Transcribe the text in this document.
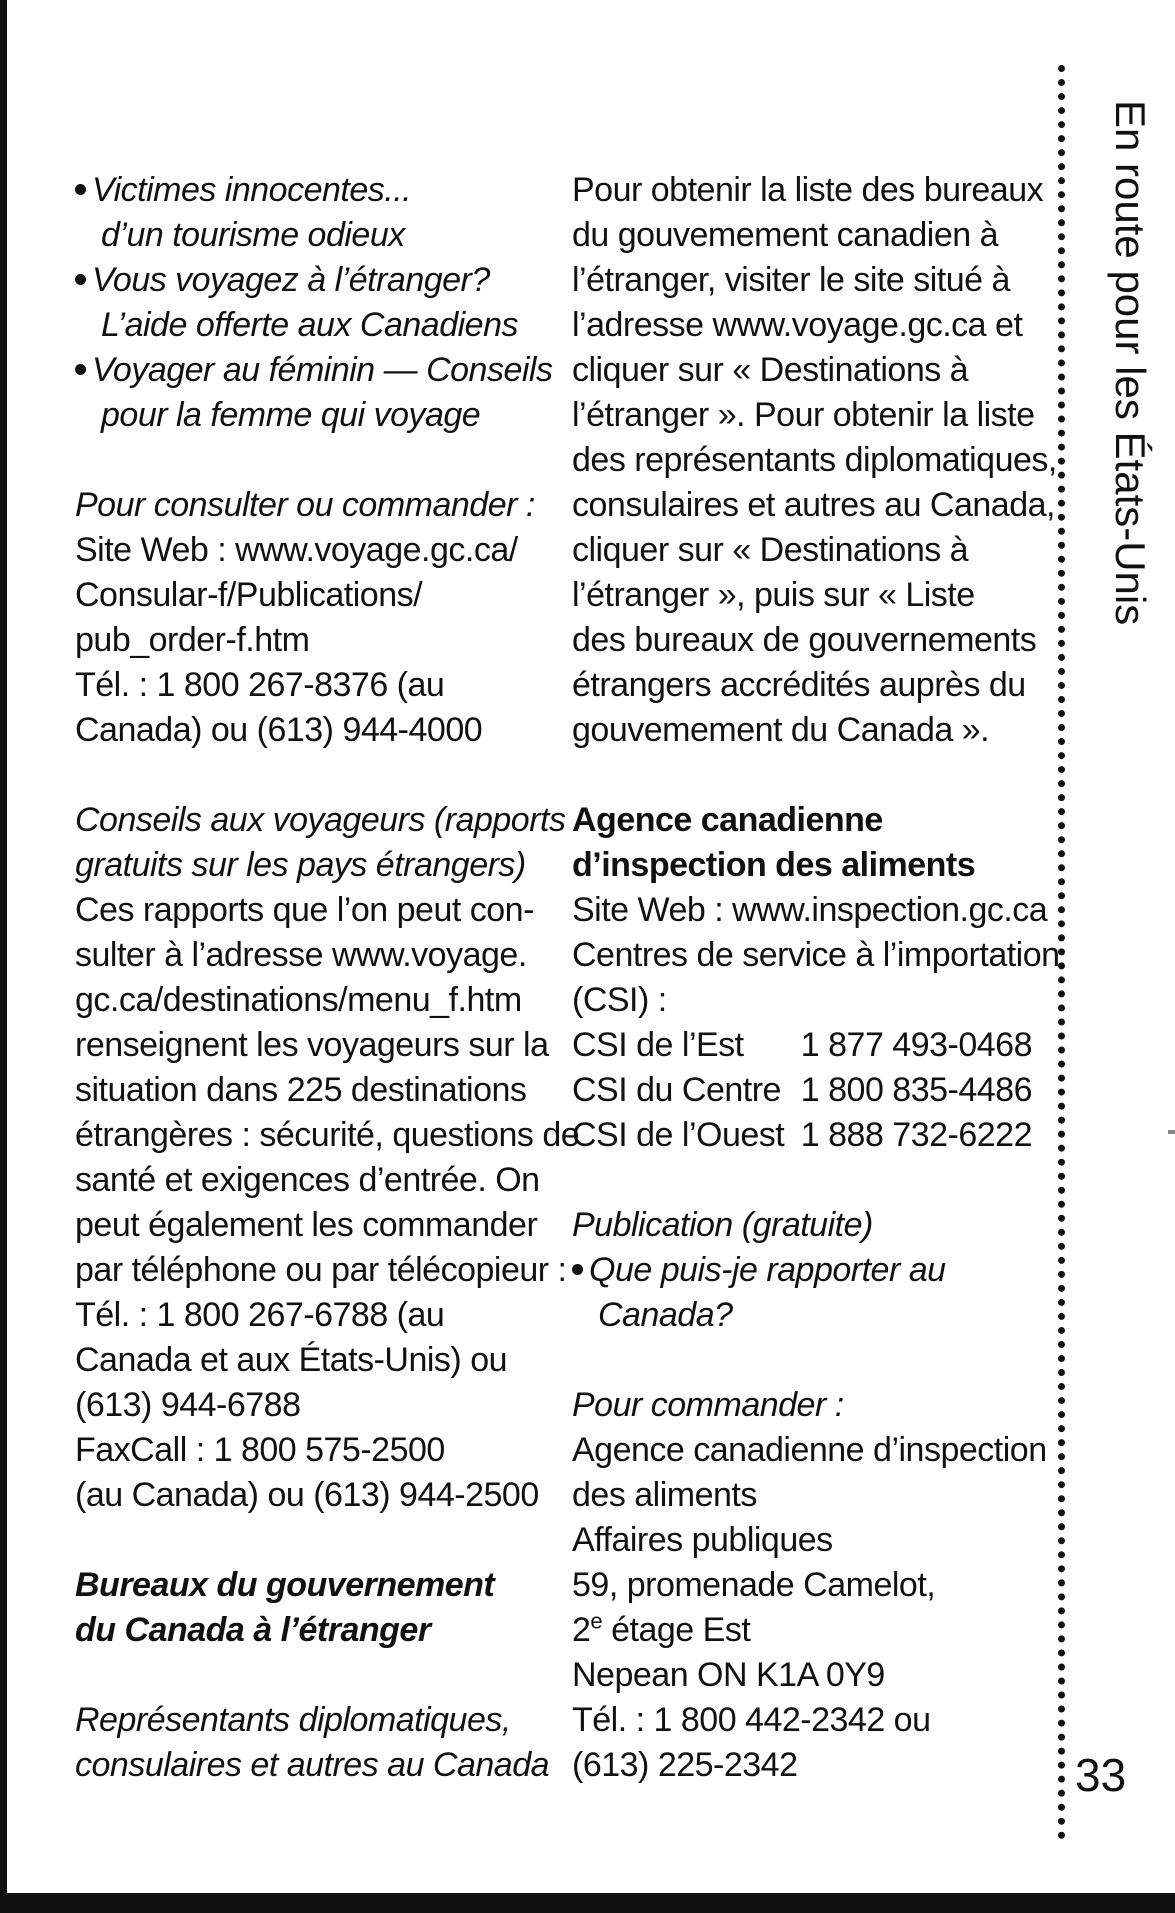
Victimes innocentes...
d’un tourisme odieux
Vous voyagez à l’étranger?
L’aide offerte aux Canadiens
Voyager au féminin — Conseils
pour la femme qui voyage
Pour consulter ou commander :
Site Web : www.voyage.gc.ca/
Consular-f/Publications/
pub_order-f.htm
Tél. : 1 800 267-8376 (au
Canada) ou (613) 944-4000
Conseils aux voyageurs (rapports
gratuits sur les pays étrangers)
Ces rapports que l’on peut con-
sulter à l’adresse www.voyage.
gc.ca/destinations/menu_f.htm
renseignent les voyageurs sur la
situation dans 225 destinations
étrangères : sécurité, questions de
santé et exigences d’entrée. On
peut également les commander
par téléphone ou par télécopieur :
Tél. : 1 800 267-6788 (au
Canada et aux États-Unis) ou
(613) 944-6788
FaxCall : 1 800 575-2500
(au Canada) ou (613) 944-2500
Bureaux du gouvernement
du Canada à l’étranger
Représentants diplomatiques,
consulaires et autres au Canada
Pour obtenir la liste des bureaux
du gouvemement canadien à
l’étranger, visiter le site situé à
l’adresse www.voyage.gc.ca et
cliquer sur « Destinations à
l’étranger ». Pour obtenir la liste
des représentants diplomatiques,
consulaires et autres au Canada,
cliquer sur « Destinations à
l’étranger », puis sur « Liste
des bureaux de gouvernements
étrangers accrédités auprès du
gouvemement du Canada ».
Agence canadienne
d’inspection des aliments
Site Web : www.inspection.gc.ca
Centres de service à l’importation
(CSI) :
CSI de l’Est	1 877 493-0468
CSI du Centre 1 800 835-4486
CSI de l’Ouest 1 888 732-6222
Publication (gratuite)
Que puis-je rapporter au
Canada?
Pour commander :
Agence canadienne d’inspection
des aliments
Affaires publiques
59, promenade Camelot,
2e étage Est
Nepean ON K1A 0Y9
Tél. : 1 800 442-2342 ou
(613) 225-2342
En route pour les États-Unis
33
